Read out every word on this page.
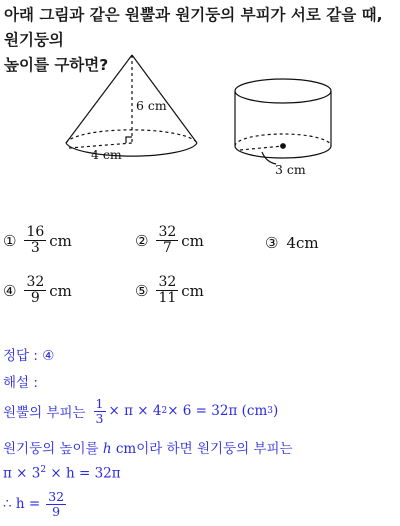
아래 그림과 같은 원뿔과 원기둥의 부피가 서로 같을 때, 원기둥의
높이를 구하면?
6 cm
4 cm
3 cm
① $\frac{16}{3}$ cm	② $\frac{32}{7}$ cm	③ 4cm
④ $\frac{32}{9}$ cm	⑤ $\frac{32}{11}$ cm
정답 : ④
해설 :
원뿔의 부피는 $\frac{1}{3} \times \pi \times 4$ 2 × 6 = 32π (cm 3 )
원기둥의 높이를 h cm이라 하면 원기둥의 부피는
$\pi \times 3^2 \times h = 32\pi$
∴ $h = \frac{32}{9}$
